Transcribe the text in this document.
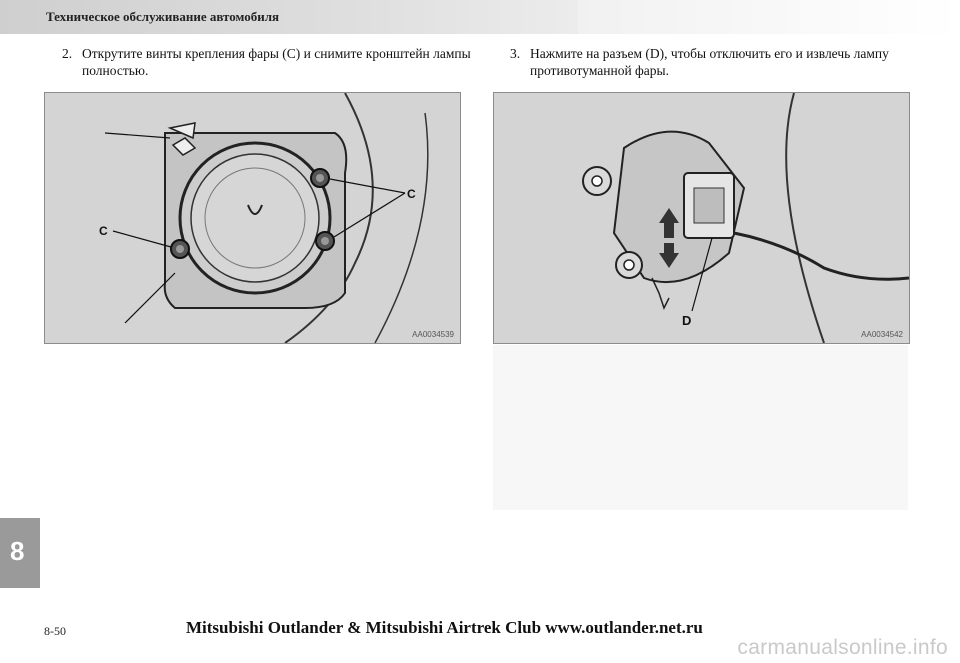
Техническое обслуживание автомобиля
2. Открутите винты крепления фары (C) и снимите кронштейн лампы полностью.
3. Нажмите на разъем (D), чтобы отключить его и извлечь лампу противотуманной фары.
C
C
AA0034539
D
AA0034542
8
8-50	Mitsubishi Outlander & Mitsubishi Airtrek Club www.outlander.net.ru
carmanualsonline.info
